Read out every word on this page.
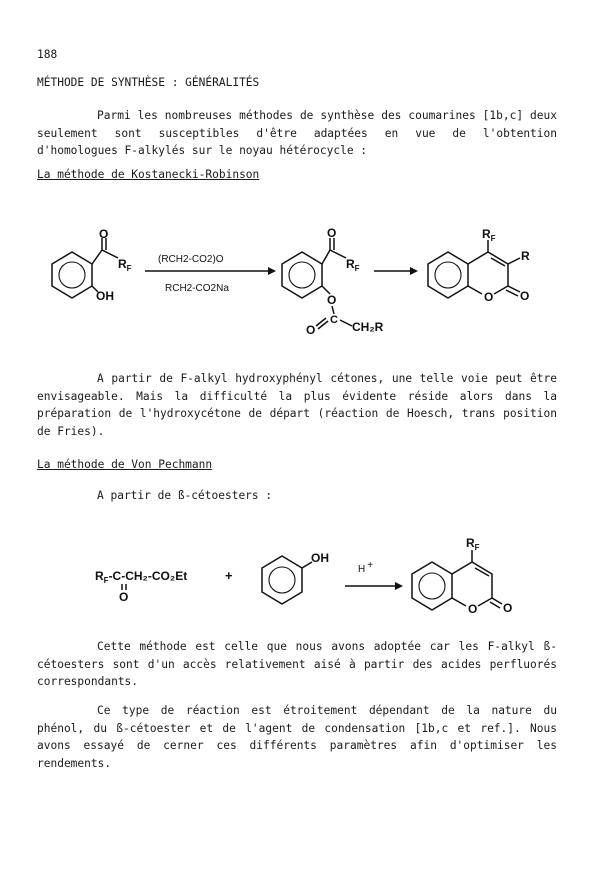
188
MÉTHODE DE SYNTHÈSE : GÉNÉRALITÉS
Parmi les nombreuses méthodes de synthèse des coumarines [1b,c] deux seulement sont susceptibles d'être adaptées en vue de l'obtention d'homologues F-alkylés sur le noyau hétérocycle :
La méthode de Kostanecki-Robinson
O
$R_F$
OH
(RCH2-CO2)O
RCH2-CO2Na
O
$R_F$
O
C
O	CH₂R
$R_F$
R
O O
A partir de F-alkyl hydroxyphényl cétones, une telle voie peut être envisageable. Mais la difficulté la plus évidente réside alors dans la préparation de l'hydroxycétone de départ (réaction de Hoesch, trans position de Fries).
La méthode de Von Pechmann
A partir de ß-cétoesters :
$R_F-C-CH_2$-CO₂Et
O
+
OH
H +
$R_F$
O O
Cette méthode est celle que nous avons adoptée car les F-alkyl ß-cétoesters sont d'un accès relativement aisé à partir des acides perfluorés correspondants.
Ce type de réaction est étroitement dépendant de la nature du phénol, du ß-cétoester et de l'agent de condensation [1b,c et ref.]. Nous avons essayé de cerner ces différents paramètres afin d'optimiser les rendements.
